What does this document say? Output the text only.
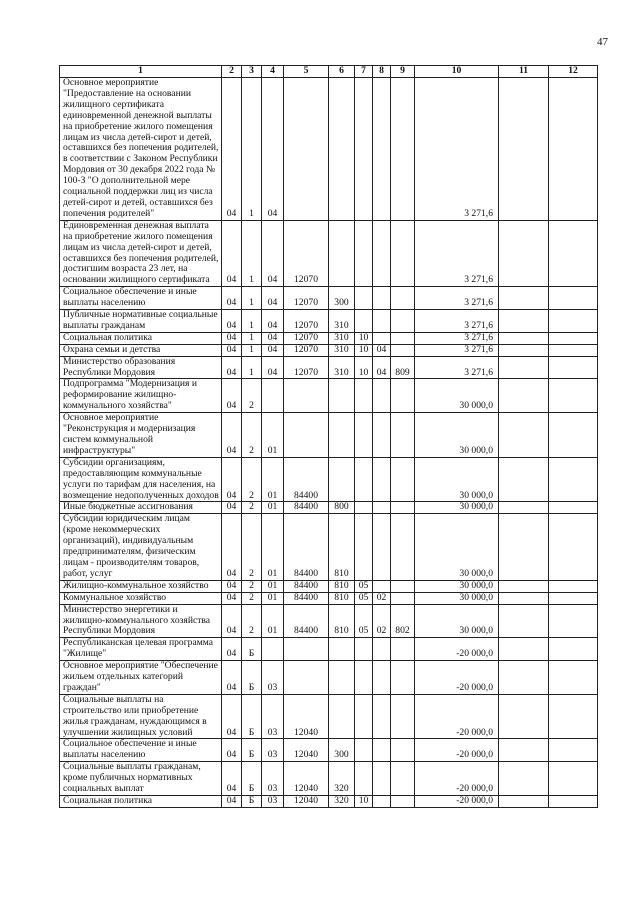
47
1	2	3	4	5	6	7	8	9	10	11	12
Основное мероприятие "Предоставление на основании жилищного сертификата единовременной денежной выплаты на приобретение жилого помещения лицам из числа детей-сирот и детей, оставшихся без попечения родителей, в соответствии с Законом Республики Мордовия от 30 декабря 2022 года № 100-З "О дополнительной мере социальной поддержки лиц из числа детей-сирот и детей, оставшихся без попечения родителей"	04	1	04						3 271,6		
Единовременная денежная выплата на приобретение жилого помещения лицам из числа детей-сирот и детей, оставшихся без попечения родителей, достигшим возраста 23 лет, на основании жилищного сертификата	04	1	04	12070					3 271,6		
Социальное обеспечение и иные выплаты населению	04	1	04	12070	300				3 271,6		
Публичные нормативные социальные выплаты гражданам	04	1	04	12070	310				3 271,6		
Социальная политика	04	1	04	12070	310	10			3 271,6		
Охрана семьи и детства	04	1	04	12070	310	10	04		3 271,6		
Министерство образования Республики Мордовия	04	1	04	12070	310	10	04	809	3 271,6		
Подпрограмма "Модернизация и реформирование жилищно-коммунального хозяйства"	04	2							30 000,0		
Основное мероприятие "Реконструкция и модернизация систем коммунальной инфраструктуры"	04	2	01						30 000,0		
Субсидии организациям, предоставляющим коммунальные услуги по тарифам для населения, на возмещение недополученных доходов	04	2	01	84400					30 000,0		
Иные бюджетные ассигнования	04	2	01	84400	800				30 000,0		
Субсидии юридическим лицам (кроме некоммерческих организаций), индивидуальным предпринимателям, физическим лицам - производителям товаров, работ, услуг	04	2	01	84400	810				30 000,0		
Жилищно-коммунальное хозяйство	04	2	01	84400	810	05			30 000,0		
Коммунальное хозяйство	04	2	01	84400	810	05	02		30 000,0		
Министерство энергетики и жилищно-коммунального хозяйства Республики Мордовия	04	2	01	84400	810	05	02	802	30 000,0		
Республиканская целевая программа "Жилище"	04	Б							-20 000,0		
Основное мероприятие "Обеспечение жильем отдельных категорий граждан"	04	Б	03						-20 000,0		
Социальные выплаты на строительство или приобретение жилья гражданам, нуждающимся в улучшении жилищных условий	04	Б	03	12040					-20 000,0		
Социальное обеспечение и иные выплаты населению	04	Б	03	12040	300				-20 000,0		
Социальные выплаты гражданам, кроме публичных нормативных социальных выплат	04	Б	03	12040	320				-20 000,0		
Социальная политика	04	Б	03	12040	320	10			-20 000,0		
